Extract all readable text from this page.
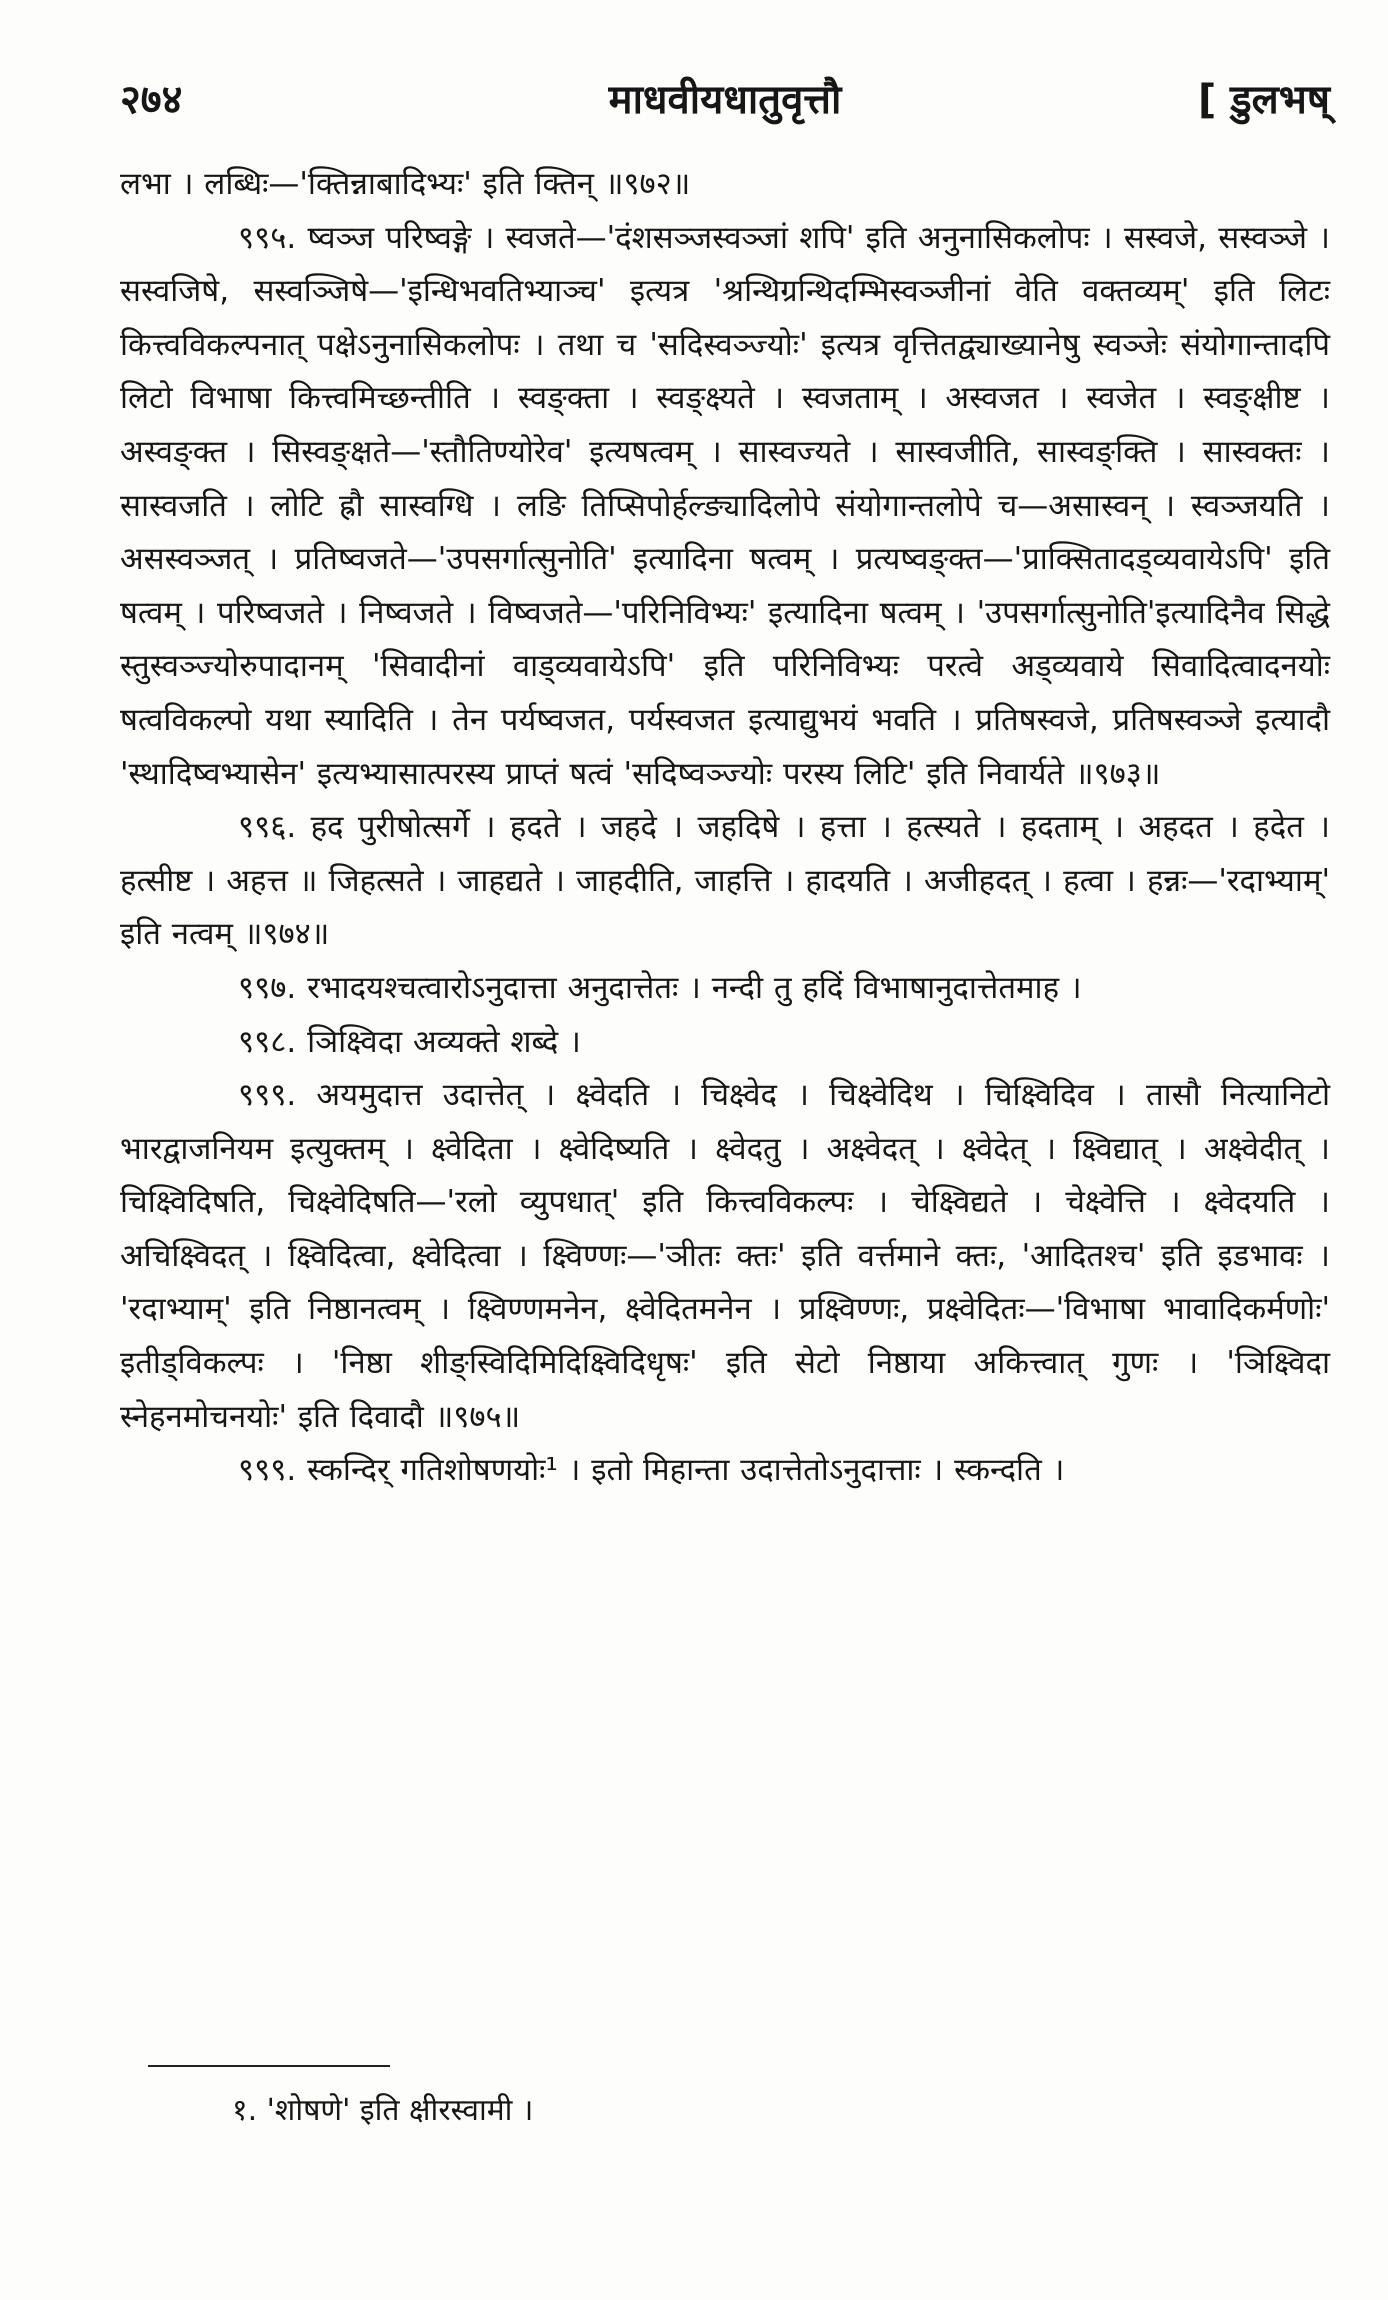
२७४	माधवीयधातुवृत्तौ	[ डुलभष्

लभा । लब्धिः—'क्तिन्नाबादिभ्यः' इति क्तिन् ॥९७२॥

९९५. ष्वञ्ज परिष्वङ्गे । स्वजते—'दंशसञ्जस्वञ्जां शपि' इति अनुनासिकलोपः । सस्वजे, सस्वञ्जे । सस्वजिषे, सस्वञ्जिषे—'इन्धिभवतिभ्याञ्च' इत्यत्र 'श्रन्थिग्रन्थिदम्भिस्वञ्जीनां वेति वक्तव्यम्' इति लिटः कित्त्वविकल्पनात् पक्षेऽनुनासिकलोपः । तथा च 'सदिस्वञ्ज्योः' इत्यत्र वृत्तितद्व्याख्यानेषु स्वञ्जेः संयोगान्तादपि लिटो विभाषा कित्त्वमिच्छन्तीति । स्वङ्क्ता । स्वङ्क्ष्यते । स्वजताम् । अस्वजत । स्वजेत । स्वङ्क्षीष्ट । अस्वङ्क्त । सिस्वङ्क्षते—'स्तौतिण्योरेव' इत्यषत्वम् । सास्वज्यते । सास्वजीति, सास्वङ्क्ति । सास्वक्तः । सास्वजति । लोटि ह्रौ सास्वग्धि । लङि तिप्सिपोर्हल्ङ्यादिलोपे संयोगान्तलोपे च—असास्वन् । स्वञ्जयति । असस्वञ्जत् । प्रतिष्वजते—'उपसर्गात्सुनोति' इत्यादिना षत्वम् । प्रत्यष्वङ्क्त—'प्राक्सितादड्व्यवायेऽपि' इति षत्वम् । परिष्वजते । निष्वजते । विष्वजते—'परिनिविभ्यः' इत्यादिना षत्वम् । 'उपसर्गात्सुनोति'इत्यादिनैव सिद्धे स्तुस्वञ्ज्योरुपादानम् 'सिवादीनां वाड्व्यवायेऽपि' इति परिनिविभ्यः परत्वे अड्व्यवाये सिवादित्वादनयोः षत्वविकल्पो यथा स्यादिति । तेन पर्यष्वजत, पर्यस्वजत इत्याद्युभयं भवति । प्रतिषस्वजे, प्रतिषस्वञ्जे इत्यादौ 'स्थादिष्वभ्यासेन' इत्यभ्यासात्परस्य प्राप्तं षत्वं 'सदिष्वञ्ज्योः परस्य लिटि' इति निवार्यते ॥९७३॥

९९६. हद पुरीषोत्सर्गे । हदते । जहदे । जहदिषे । हत्ता । हत्स्यते । हदताम् । अहदत । हदेत । हत्सीष्ट । अहत्त ॥ जिहत्सते । जाहद्यते । जाहदीति, जाहत्ति । हादयति । अजीहदत् । हत्वा । हन्नः—'रदाभ्याम्' इति नत्वम् ॥९७४॥

९९७. रभादयश्चत्वारोऽनुदात्ता अनुदात्तेतः । नन्दी तु हदिं विभाषानुदात्तेतमाह ।

९९८. ञिक्ष्विदा अव्यक्ते शब्दे ।

९९९. अयमुदात्त उदात्तेत् । क्ष्वेदति । चिक्ष्वेद । चिक्ष्वेदिथ । चिक्ष्विदिव । तासौ नित्यानिटो भारद्वाजनियम इत्युक्तम् । क्ष्वेदिता । क्ष्वेदिष्यति । क्ष्वेदतु । अक्ष्वेदत् । क्ष्वेदेत् । क्ष्विद्यात् । अक्ष्वेदीत् । चिक्ष्विदिषति, चिक्ष्वेदिषति—'रलो व्युपधात्' इति कित्त्वविकल्पः । चेक्ष्विद्यते । चेक्ष्वेत्ति । क्ष्वेदयति । अचिक्ष्विदत् । क्ष्विदित्वा, क्ष्वेदित्वा । क्ष्विण्णः—'ञीतः क्तः' इति वर्त्तमाने क्तः, 'आदितश्च' इति इडभावः । 'रदाभ्याम्' इति निष्ठानत्वम् । क्ष्विण्णमनेन, क्ष्वेदितमनेन । प्रक्ष्विण्णः, प्रक्ष्वेदितः—'विभाषा भावादिकर्मणोः' इतीड्विकल्पः । 'निष्ठा शीङ्स्विदिमिदिक्ष्विदिधृषः' इति सेटो निष्ठाया अकित्त्वात् गुणः । 'ञिक्ष्विदा स्नेहनमोचनयोः' इति दिवादौ ॥९७५॥

९९९. स्कन्दिर् गतिशोषणयोः¹ । इतो मिहान्ता उदात्तेतोऽनुदात्ताः । स्कन्दति ।

१. 'शोषणे' इति क्षीरस्वामी ।
